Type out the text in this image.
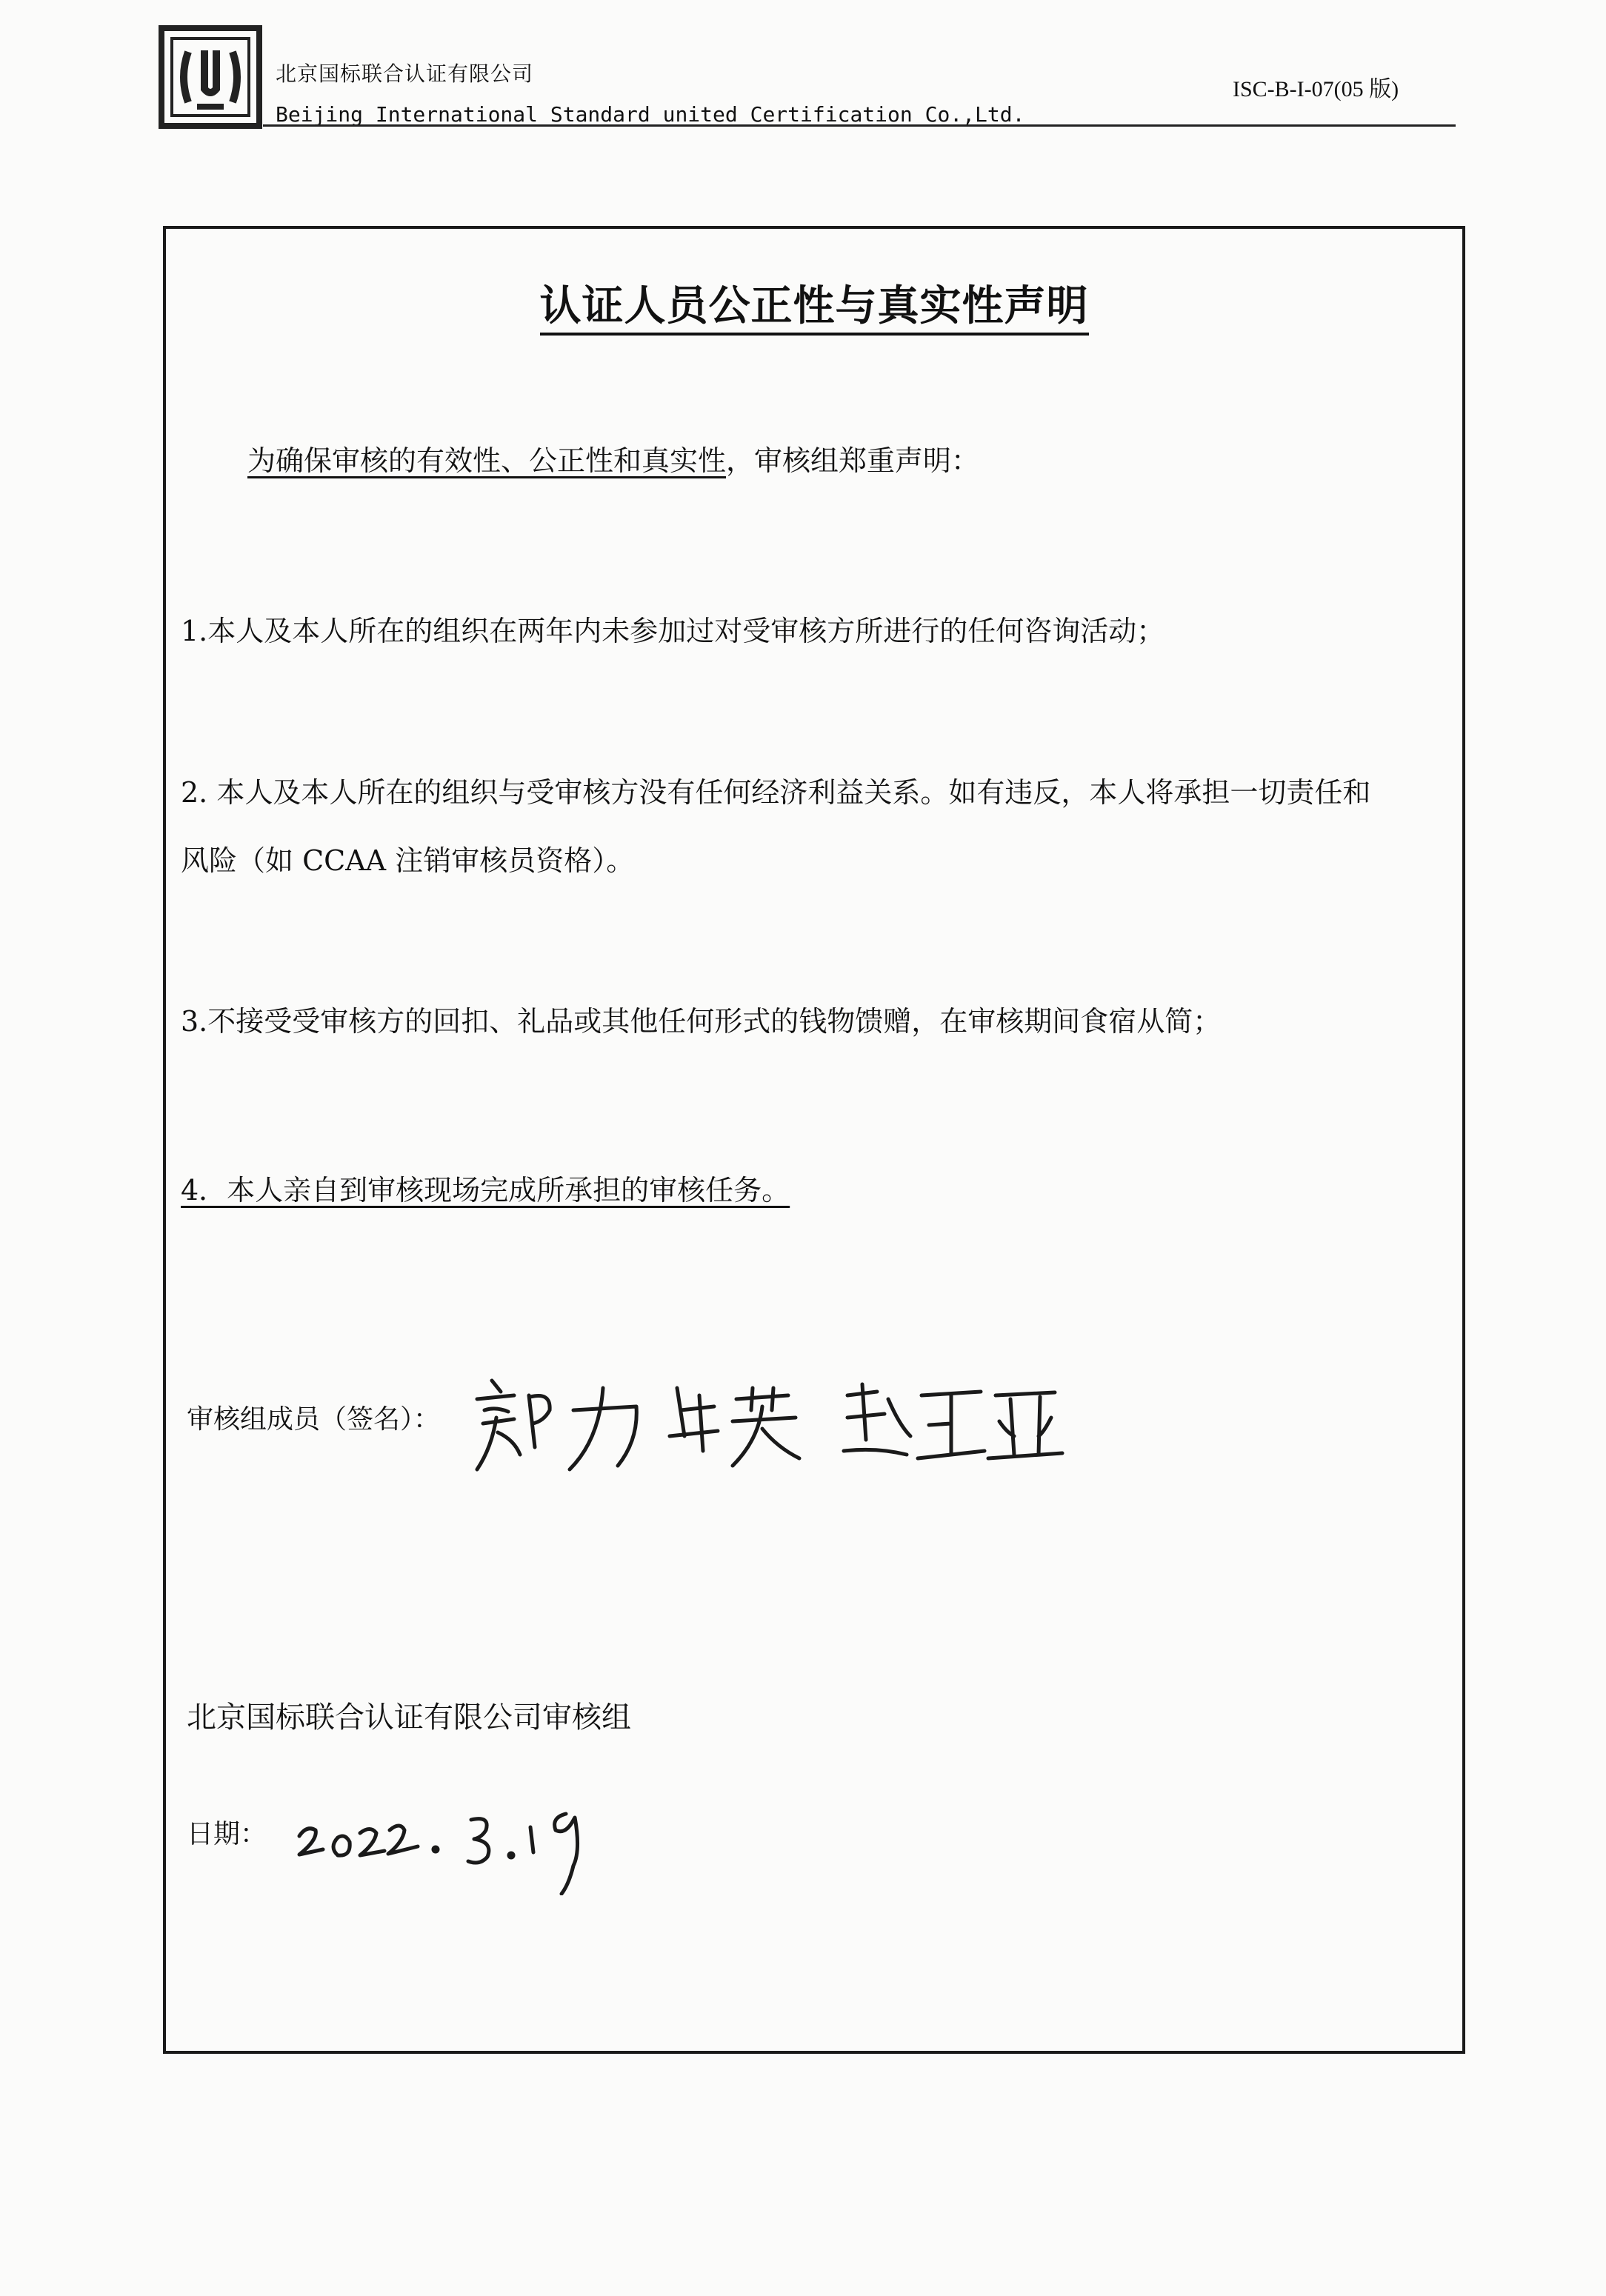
北京国标联合认证有限公司
Beijing International Standard united Certification Co.,Ltd.
ISC-B-I-07(05 版)
认证人员公正性与真实性声明
为确保审核的有效性、公正性和真实性，审核组郑重声明：
1.本人及本人所在的组织在两年内未参加过对受审核方所进行的任何咨询活动；
2. 本人及本人所在的组织与受审核方没有任何经济利益关系。如有违反，本人将承担一切责任和
风险（如 CCAA 注销审核员资格）。
3.不接受受审核方的回扣、礼品或其他任何形式的钱物馈赠，在审核期间食宿从简；
4．本人亲自到审核现场完成所承担的审核任务。
审核组成员（签名）：
北京国标联合认证有限公司审核组
日期：
